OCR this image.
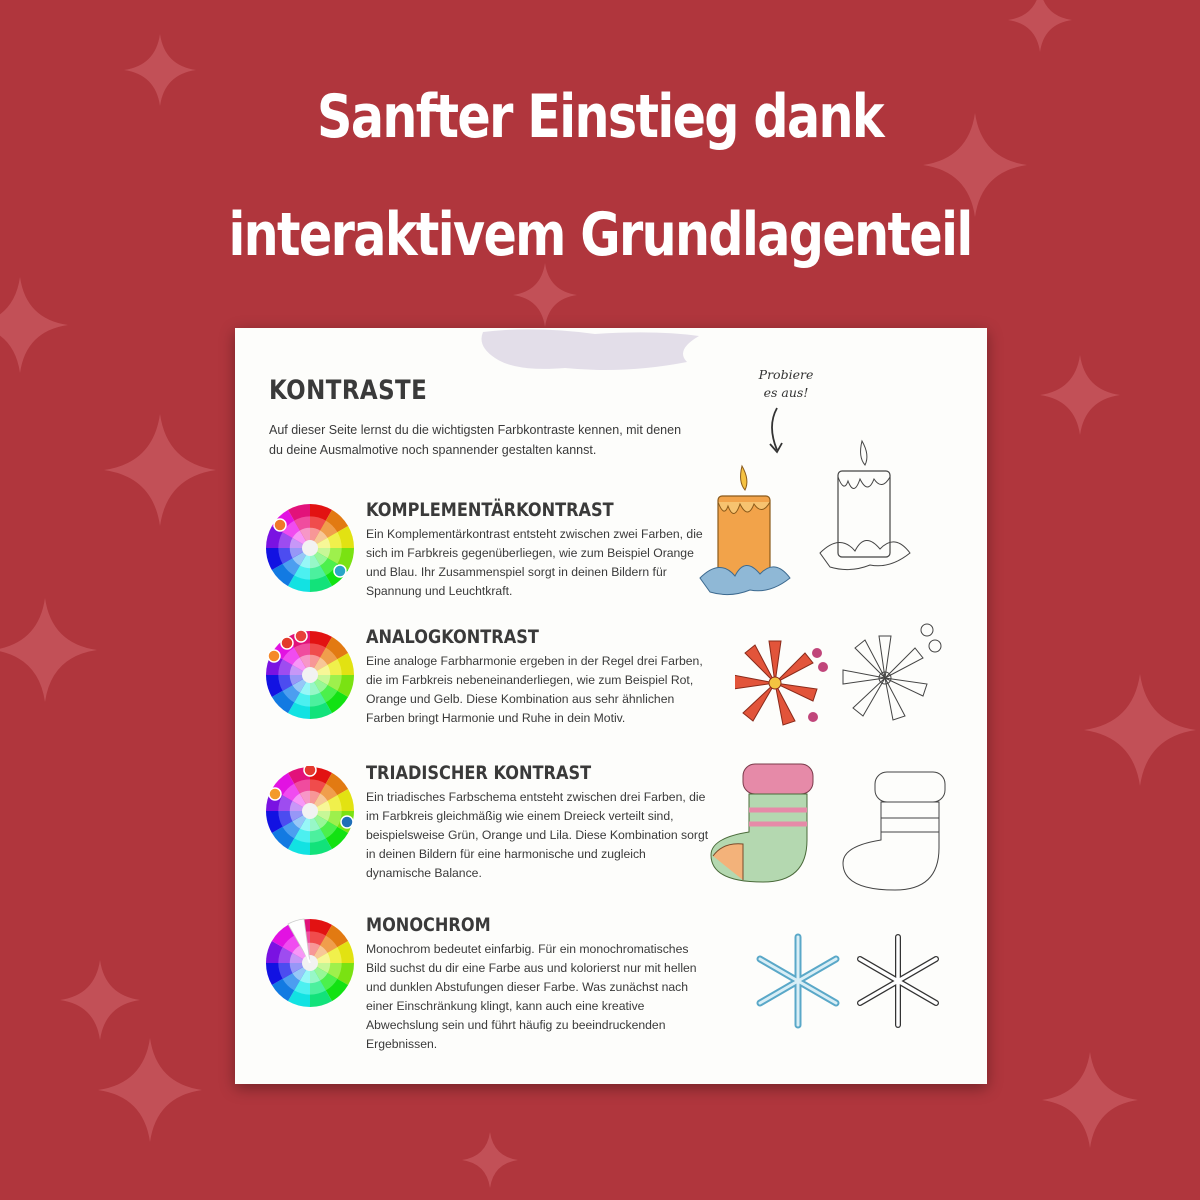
Sanfter Einstieg dank
interaktivem Grundlagenteil
KONTRASTE

Auf dieser Seite lernst du die wichtigsten Farbkontraste kennen, mit denen du deine Ausmalmotive noch spannender gestalten kannst.

Probiere
es aus!
KOMPLEMENTÄRKONTRAST

Ein Komplementärkontrast entsteht zwischen zwei Farben, die sich im Farbkreis gegenüberliegen, wie zum Beispiel Orange und Blau. Ihr Zusammenspiel sorgt in deinen Bildern für Spannung und Leuchtkraft.

ANALOGKONTRAST

Eine analoge Farbharmonie ergeben in der Regel drei Farben, die im Farbkreis nebeneinanderliegen, wie zum Beispiel Rot, Orange und Gelb. Diese Kombination aus sehr ähnlichen Farben bringt Harmonie und Ruhe in dein Motiv.

TRIADISCHER KONTRAST

Ein triadisches Farbschema entsteht zwischen drei Farben, die im Farbkreis gleichmäßig wie einem Dreieck verteilt sind, beispielsweise Grün, Orange und Lila. Diese Kombination sorgt in deinen Bildern für eine harmonische und zugleich dynamische Balance.

MONOCHROM

Monochrom bedeutet einfarbig. Für ein monochromatisches Bild suchst du dir eine Farbe aus und kolorierst nur mit hellen und dunklen Abstufungen dieser Farbe. Was zunächst nach einer Einschränkung klingt, kann auch eine kreative Abwechslung sein und führt häufig zu beeindruckenden Ergebnissen.
